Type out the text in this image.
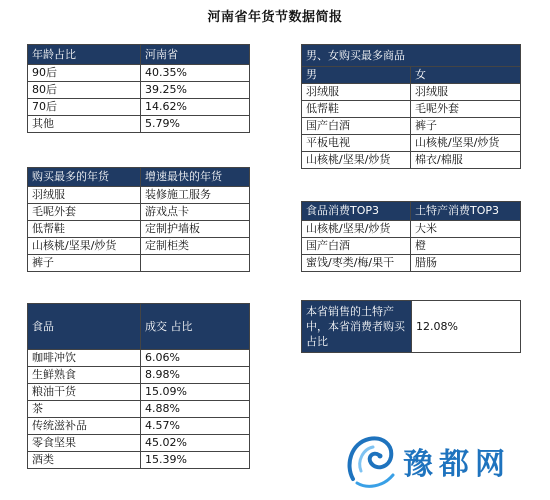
河南省年货节数据简报
年龄占比	河南省
90后	40.35%
80后	39.25%
70后	14.62%
其他	5.79%
男、女购买最多商品	
男	女
羽绒服	羽绒服
低帮鞋	毛呢外套
国产白酒	裤子
平板电视	山核桃/坚果/炒货
山核桃/坚果/炒货	棉衣/棉服
购买最多的年货	增速最快的年货
羽绒服	装修施工服务
毛呢外套	游戏点卡
低帮鞋	定制护墙板
山核桃/坚果/炒货	定制柜类
裤子	
食品消费TOP3	土特产消费TOP3
山核桃/坚果/炒货	大米
国产白酒	橙
蜜饯/枣类/梅/果干	腊肠
食品	成交 占比
咖啡冲饮	6.06%
生鲜熟食	8.98%
粮油干货	15.09%
茶	4.88%
传统滋补品	4.57%
零食坚果	45.02%
酒类	15.39%
本省销售的土特产中，本省消费者购买占比	12.08%
豫都网
